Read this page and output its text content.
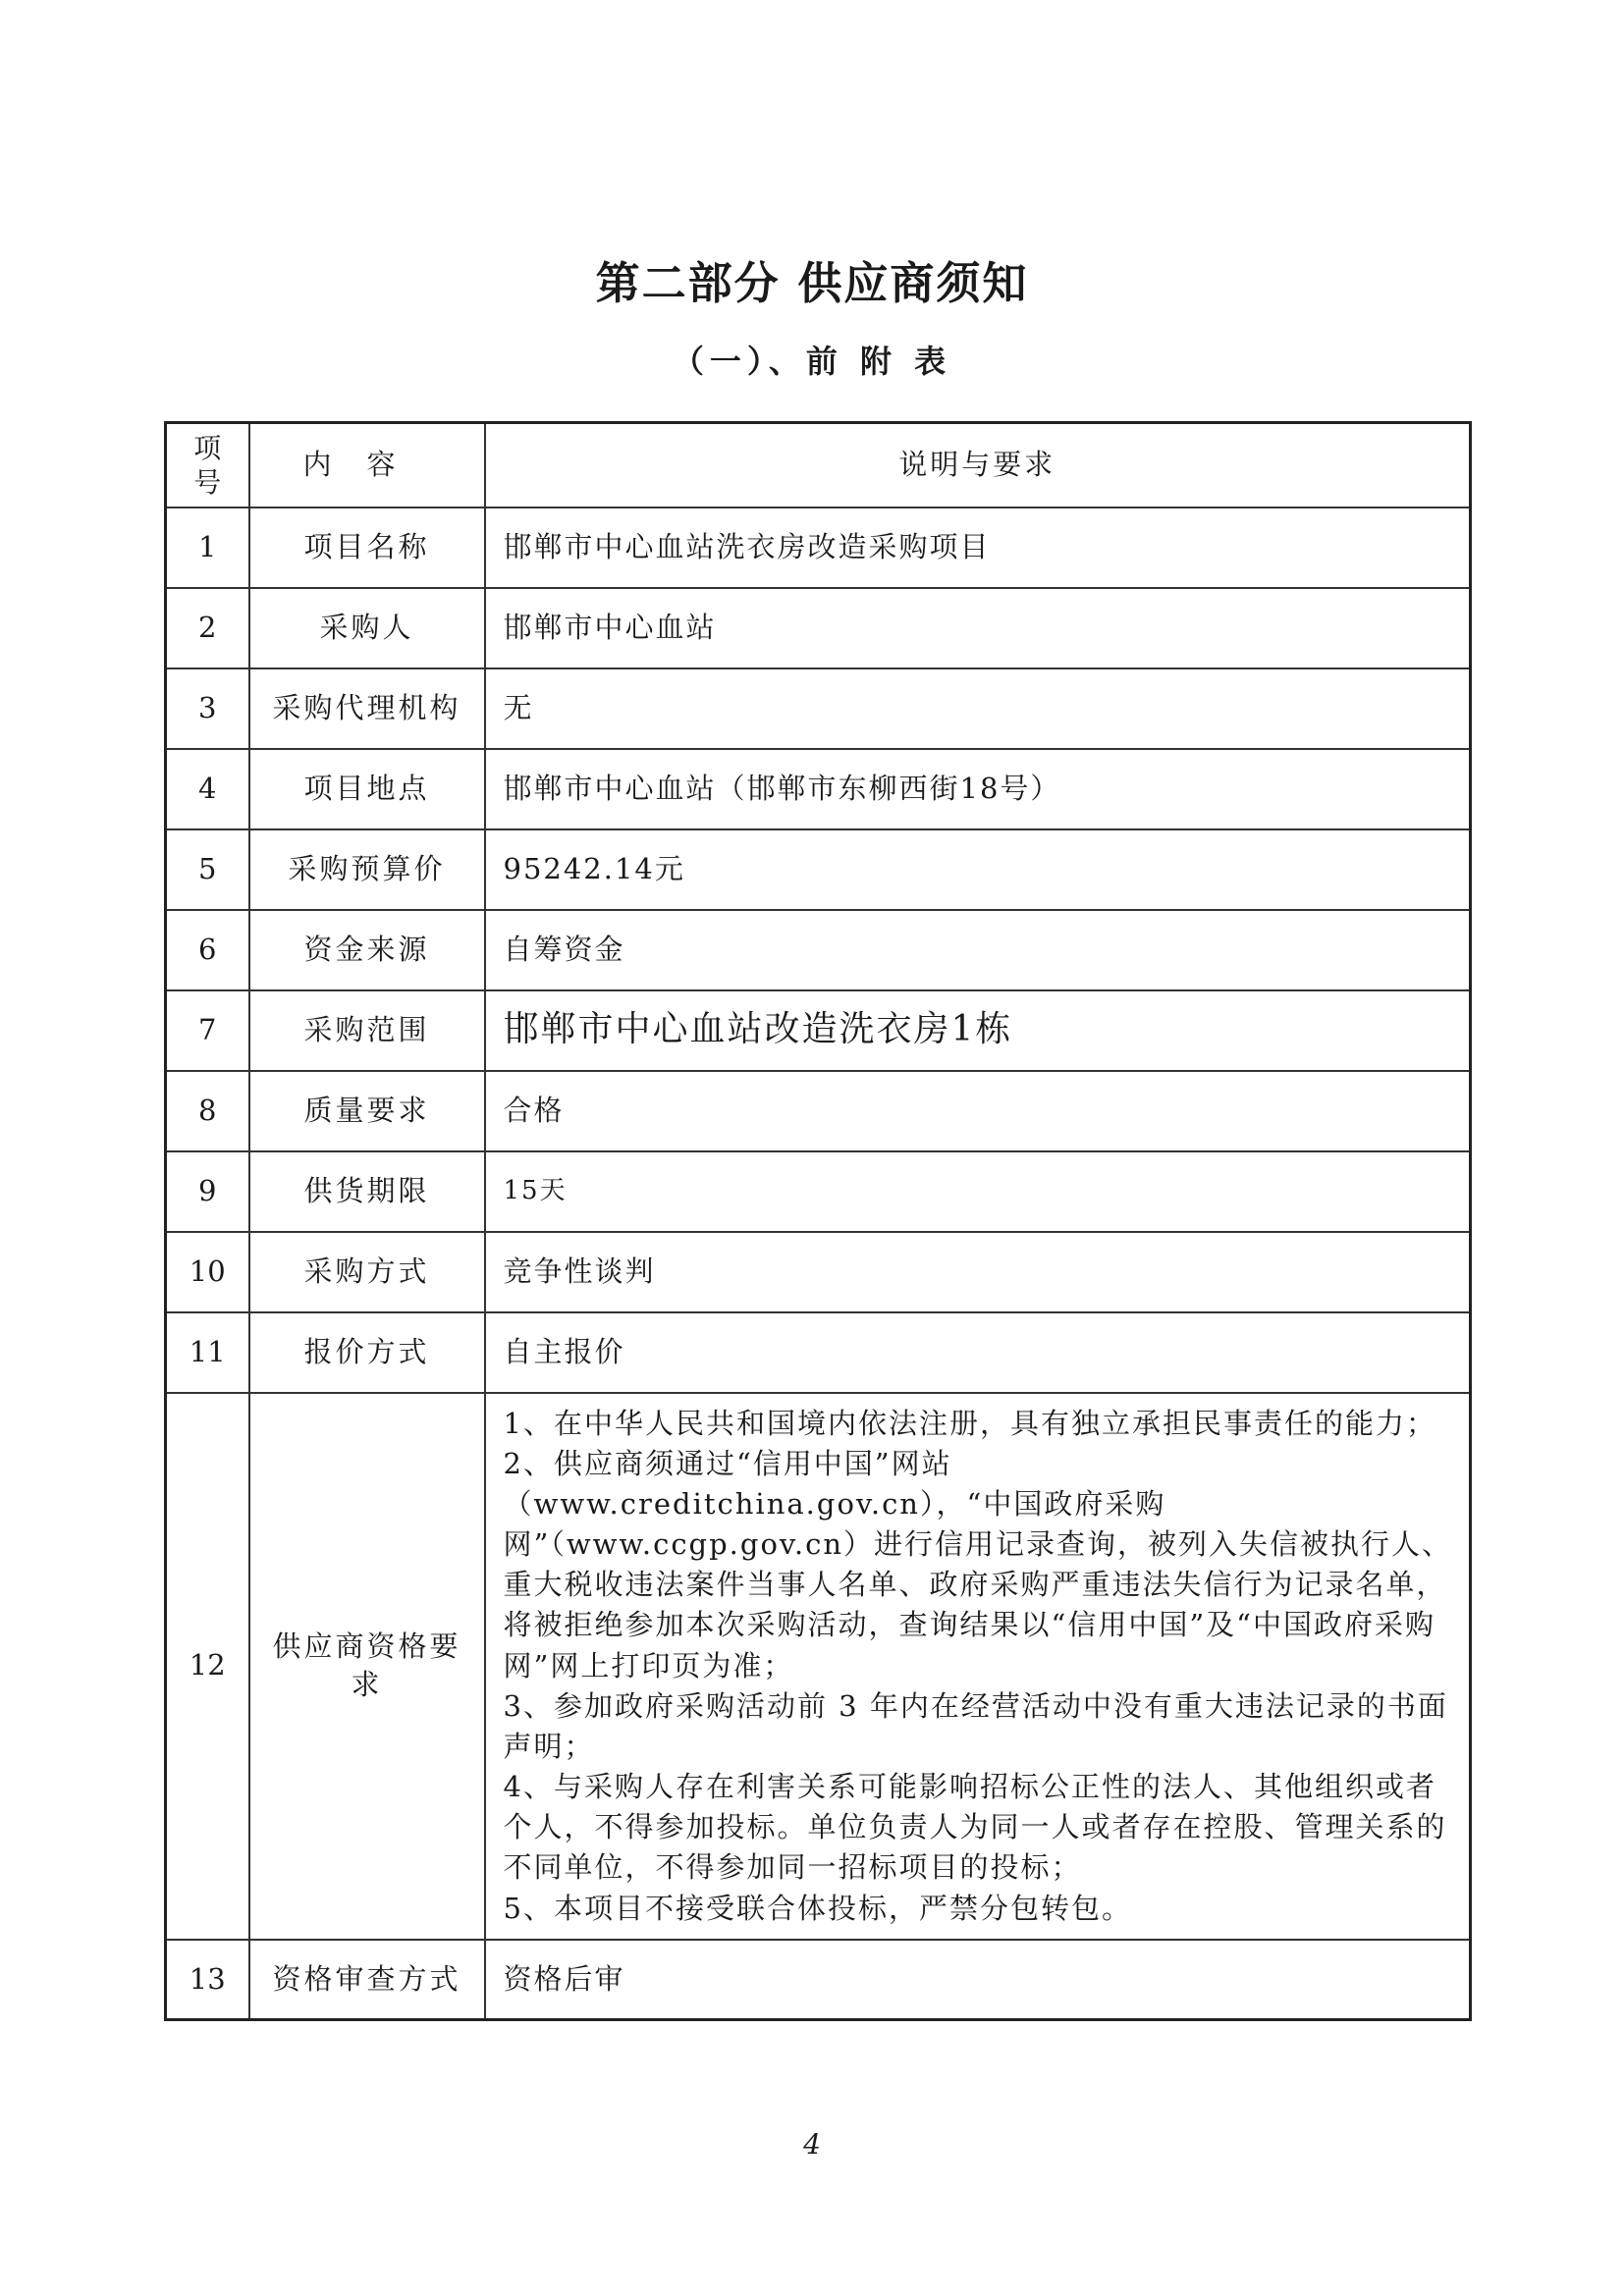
第二部分 供应商须知
（一）、前 附 表
项
号	内容	说明与要求
1	项目名称	邯郸市中心血站洗衣房改造采购项目
2	采购人	邯郸市中心血站
3	采购代理机构	无
4	项目地点	邯郸市中心血站（邯郸市东柳西街18号）
5	采购预算价	95242.14元
6	资金来源	自筹资金
7	采购范围	邯郸市中心血站改造洗衣房1栋
8	质量要求	合格
9	供货期限	15天
10	采购方式	竞争性谈判
11	报价方式	自主报价
12	供应商资格要求	1、在中华人民共和国境内依法注册，具有独立承担民事责任的能力；
2、供应商须通过“信用中国”网站（www.creditchina.gov.cn），“中国政府采购网”（www.ccgp.gov.cn）进行信用记录查询，被列入失信被执行人、重大税收违法案件当事人名单、政府采购严重违法失信行为记录名单，将被拒绝参加本次采购活动，查询结果以“信用中国”及“中国政府采购网”网上打印页为准；
3、参加政府采购活动前 3 年内在经营活动中没有重大违法记录的书面声明；
4、与采购人存在利害关系可能影响招标公正性的法人、其他组织或者个人，不得参加投标。单位负责人为同一人或者存在控股、管理关系的不同单位，不得参加同一招标项目的投标；
5、本项目不接受联合体投标，严禁分包转包。

13	资格审查方式	资格后审
4
